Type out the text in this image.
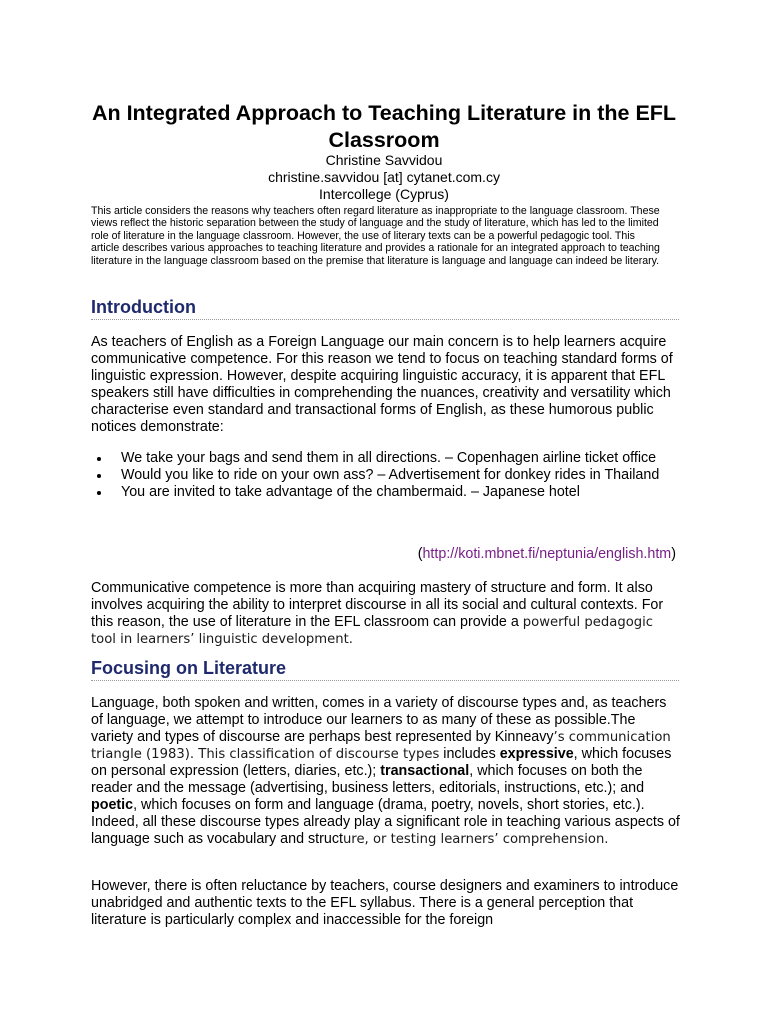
An Integrated Approach to Teaching Literature in the EFL Classroom
Christine Savvidou
christine.savvidou [at] cytanet.com.cy
Intercollege (Cyprus)

This article considers the reasons why teachers often regard literature as inappropriate to the language classroom. These views reflect the historic separation between the study of language and the study of literature, which has led to the limited role of literature in the language classroom. However, the use of literary texts can be a powerful pedagogic tool. This article describes various approaches to teaching literature and provides a rationale for an integrated approach to teaching literature in the language classroom based on the premise that literature is language and language can indeed be literary.

Introduction

As teachers of English as a Foreign Language our main concern is to help learners acquire communicative competence. For this reason we tend to focus on teaching standard forms of linguistic expression. However, despite acquiring linguistic accuracy, it is apparent that EFL speakers still have difficulties in comprehending the nuances, creativity and versatility which characterise even standard and transactional forms of English, as these humorous public notices demonstrate:

We take your bags and send them in all directions. – Copenhagen airline ticket office
Would you like to ride on your own ass? – Advertisement for donkey rides in Thailand
You are invited to take advantage of the chambermaid. – Japanese hotel
(http://koti.mbnet.fi/neptunia/english.htm)

Communicative competence is more than acquiring mastery of structure and form. It also involves acquiring the ability to interpret discourse in all its social and cultural contexts. For this reason, the use of literature in the EFL classroom can provide a powerful pedagogic tool in learners’ linguistic development.

Focusing on Literature

Language, both spoken and written, comes in a variety of discourse types and, as teachers of language, we attempt to introduce our learners to as many of these as possible.The variety and types of discourse are perhaps best represented by Kinneavy’s communication triangle (1983). This classification of discourse types includes expressive, which focuses on personal expression (letters, diaries, etc.); transactional, which focuses on both the reader and the message (advertising, business letters, editorials, instructions, etc.); and poetic, which focuses on form and language (drama, poetry, novels, short stories, etc.). Indeed, all these discourse types already play a significant role in teaching various aspects of language such as vocabulary and structure, or testing learners’ comprehension.

However, there is often reluctance by teachers, course designers and examiners to introduce unabridged and authentic texts to the EFL syllabus. There is a general perception that literature is particularly complex and inaccessible for the foreign
